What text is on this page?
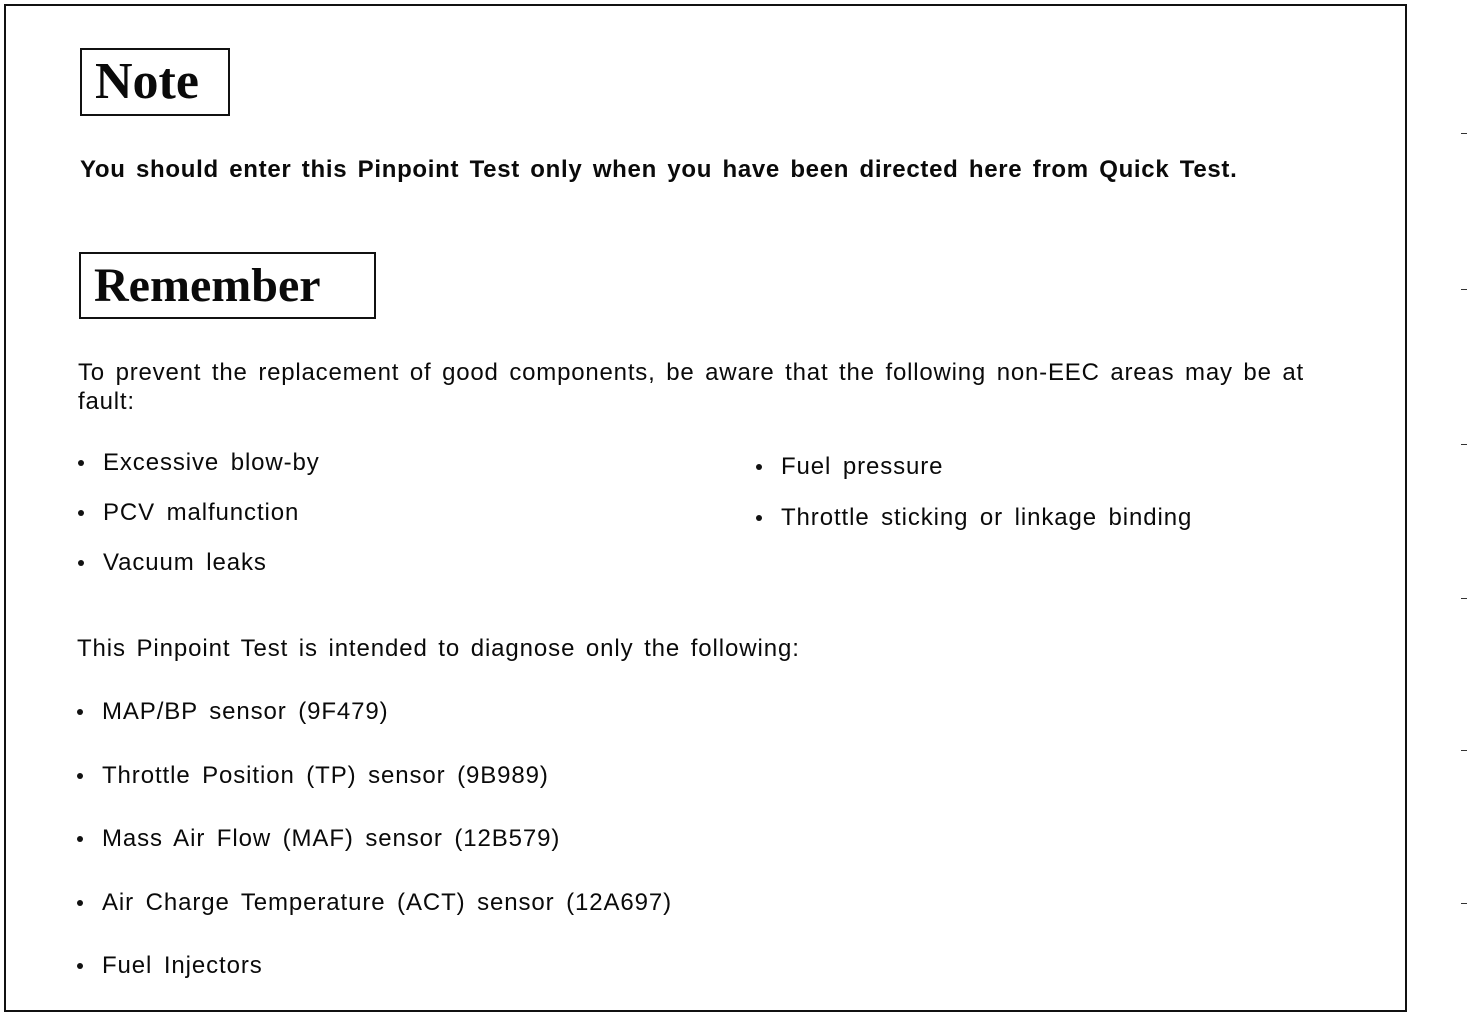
Note
You should enter this Pinpoint Test only when you have been directed here from Quick Test.
Remember
To prevent the replacement of good components, be aware that the following non-EEC areas may be at fault:
Excessive blow-by
PCV malfunction
Vacuum leaks
Fuel pressure
Throttle sticking or linkage binding
This Pinpoint Test is intended to diagnose only the following:
MAP/BP sensor (9F479)
Throttle Position (TP) sensor (9B989)
Mass Air Flow (MAF) sensor (12B579)
Air Charge Temperature (ACT) sensor (12A697)
Fuel Injectors
